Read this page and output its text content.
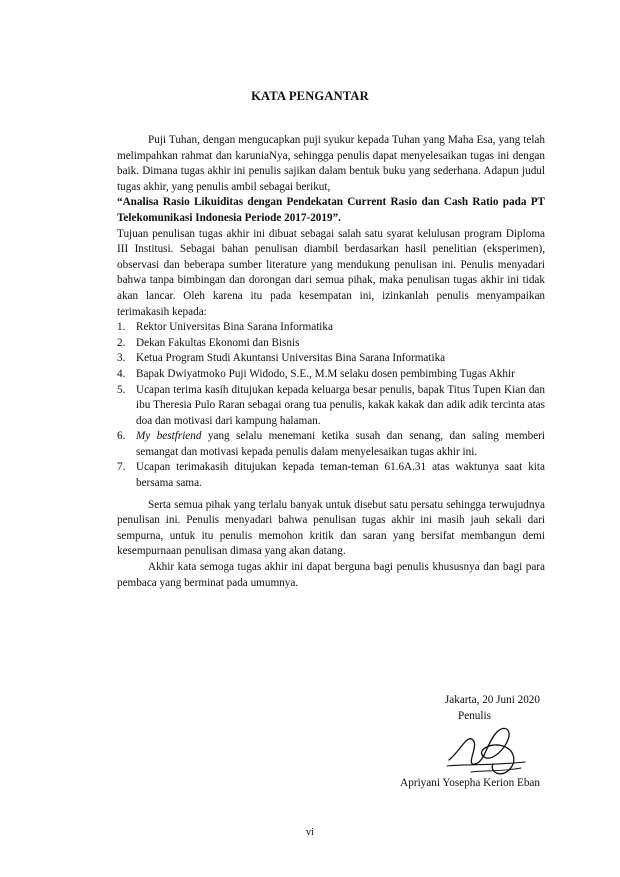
KATA PENGANTAR

Puji Tuhan, dengan mengucapkan puji syukur kepada Tuhan yang Maha Esa, yang telah melimpahkan rahmat dan karuniaNya, sehingga penulis dapat menyelesaikan tugas ini dengan baik. Dimana tugas akhir ini penulis sajikan dalam bentuk buku yang sederhana. Adapun judul tugas akhir, yang penulis ambil sebagai berikut,

“Analisa Rasio Likuiditas dengan Pendekatan Current Rasio dan Cash Ratio pada PT Telekomunikasi Indonesia Periode 2017-2019”.

Tujuan penulisan tugas akhir ini dibuat sebagai salah satu syarat kelulusan program Diploma III Institusi. Sebagai bahan penulisan diambil berdasarkan hasil penelitian (eksperimen), observasi dan beberapa sumber literature yang mendukung penulisan ini. Penulis menyadari bahwa tanpa bimbingan dan dorongan dari semua pihak, maka penulisan tugas akhir ini tidak akan lancar. Oleh karena itu pada kesempatan ini, izinkanlah penulis menyampaikan terimakasih kepada:

1. Rektor Universitas Bina Sarana Informatika
2. Dekan Fakultas Ekonomi dan Bisnis
3. Ketua Program Studi Akuntansi Universitas Bina Sarana Informatika
4. Bapak Dwiyatmoko Puji Widodo, S.E., M.M selaku dosen pembimbing Tugas Akhir
5. Ucapan terima kasih ditujukan kepada keluarga besar penulis, bapak Titus Tupen Kian dan ibu Theresia Pulo Raran sebagai orang tua penulis, kakak kakak dan adik adik tercinta atas doa dan motivasi dari kampung halaman.
6. My bestfriend yang selalu menemani ketika susah dan senang, dan saling memberi semangat dan motivasi kepada penulis dalam menyelesaikan tugas akhir ini.
7. Ucapan terimakasih ditujukan kepada teman-teman 61.6A.31 atas waktunya saat kita bersama sama.

Serta semua pihak yang terlalu banyak untuk disebut satu persatu sehingga terwujudnya penulisan ini. Penulis menyadari bahwa penulisan tugas akhir ini masih jauh sekali dari sempurna, untuk itu penulis memohon kritik dan saran yang bersifat membangun demi kesempurnaan penulisan dimasa yang akan datang.

Akhir kata semoga tugas akhir ini dapat berguna bagi penulis khususnya dan bagi para pembaca yang berminat pada umumnya.

Jakarta, 20 Juni 2020
Penulis
Apriyani Yosepha Kerion Eban
vi
